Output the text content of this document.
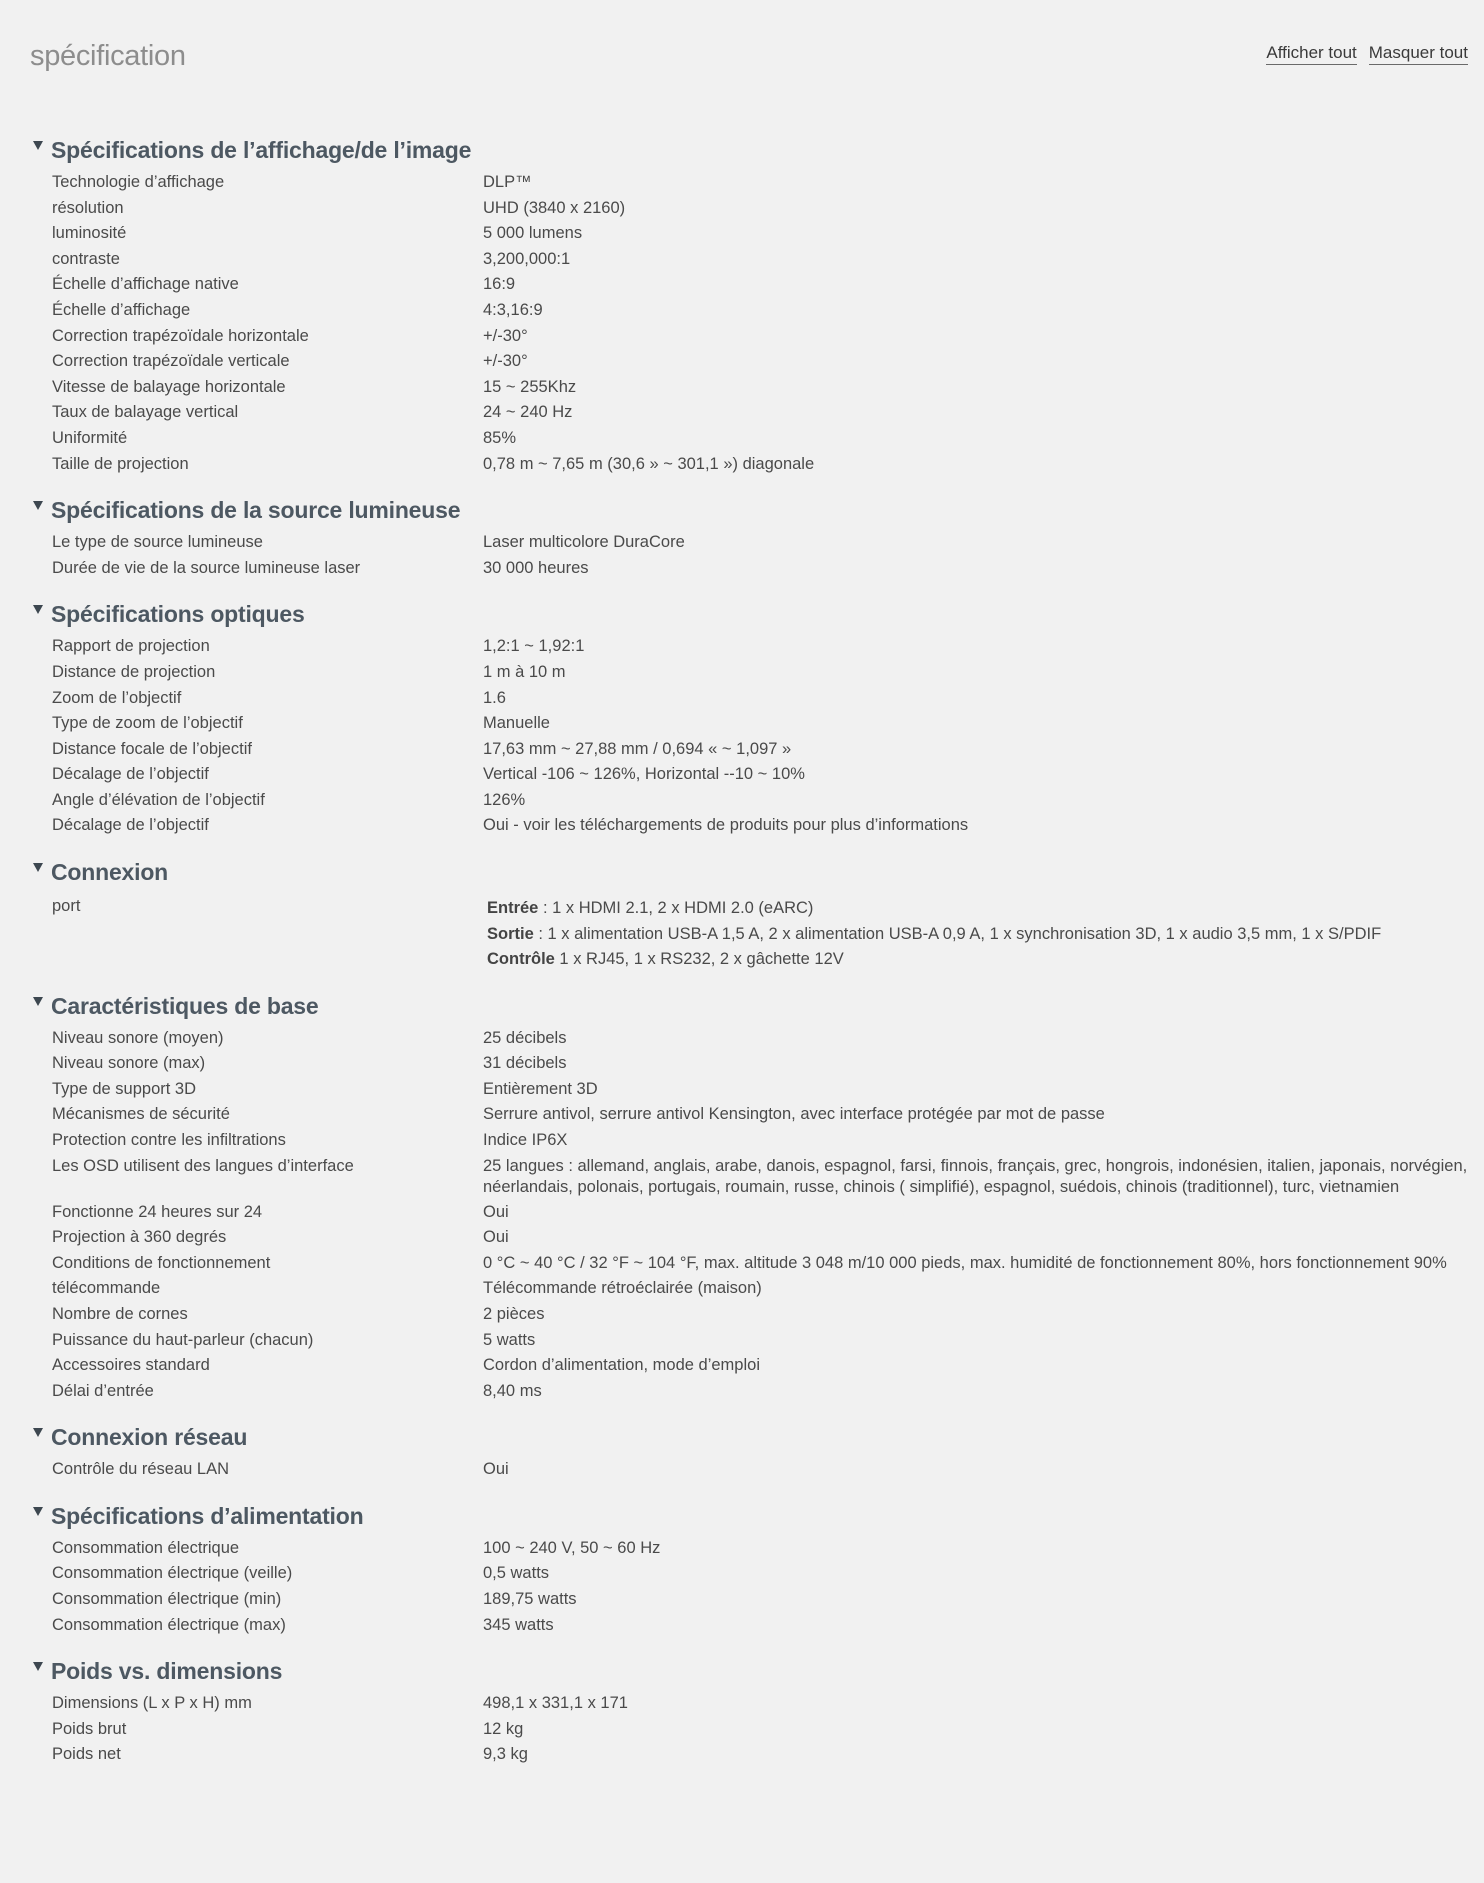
spécification	Afficher tout Masquer tout
Spécifications de l’affichage/de l’image
Technologie d’affichage	DLP™
résolution	UHD (3840 x 2160)
luminosité	5 000 lumens
contraste	3,200,000:1
Échelle d’affichage native	16:9
Échelle d’affichage	4:3,16:9
Correction trapézoïdale horizontale	+/-30°
Correction trapézoïdale verticale	+/-30°
Vitesse de balayage horizontale	15 ~ 255Khz
Taux de balayage vertical	24 ~ 240 Hz
Uniformité	85%
Taille de projection	0,78 m ~ 7,65 m (30,6 » ~ 301,1 ») diagonale
Spécifications de la source lumineuse
Le type de source lumineuse	Laser multicolore DuraCore
Durée de vie de la source lumineuse laser	30 000 heures
Spécifications optiques
Rapport de projection	1,2:1 ~ 1,92:1
Distance de projection	1 m à 10 m
Zoom de l’objectif	1.6
Type de zoom de l’objectif	Manuelle
Distance focale de l’objectif	17,63 mm ~ 27,88 mm / 0,694 « ~ 1,097 »
Décalage de l’objectif	Vertical -106 ~ 126%, Horizontal --10 ~ 10%
Angle d’élévation de l’objectif	126%
Décalage de l’objectif	Oui - voir les téléchargements de produits pour plus d’informations
Connexion
port	Entrée : 1 x HDMI 2.1, 2 x HDMI 2.0 (eARC)
Sortie : 1 x alimentation USB-A 1,5 A, 2 x alimentation USB-A 0,9 A, 1 x synchronisation 3D, 1 x audio 3,5 mm, 1 x S/PDIF
Contrôle 1 x RJ45, 1 x RS232, 2 x gâchette 12V
Caractéristiques de base
Niveau sonore (moyen)	25 décibels
Niveau sonore (max)	31 décibels
Type de support 3D	Entièrement 3D
Mécanismes de sécurité	Serrure antivol, serrure antivol Kensington, avec interface protégée par mot de passe
Protection contre les infiltrations	Indice IP6X
Les OSD utilisent des langues d’interface	25 langues : allemand, anglais, arabe, danois, espagnol, farsi, finnois, français, grec, hongrois, indonésien, italien, japonais, norvégien, néerlandais, polonais, portugais, roumain, russe, chinois ( simplifié), espagnol, suédois, chinois (traditionnel), turc, vietnamien
Fonctionne 24 heures sur 24	Oui
Projection à 360 degrés	Oui
Conditions de fonctionnement	0 °C ~ 40 °C / 32 °F ~ 104 °F, max. altitude 3 048 m/10 000 pieds, max. humidité de fonctionnement 80%, hors fonctionnement 90%
télécommande	Télécommande rétroéclairée (maison)
Nombre de cornes	2 pièces
Puissance du haut-parleur (chacun)	5 watts
Accessoires standard	Cordon d’alimentation, mode d’emploi
Délai d’entrée	8,40 ms
Connexion réseau
Contrôle du réseau LAN	Oui
Spécifications d’alimentation
Consommation électrique	100 ~ 240 V, 50 ~ 60 Hz
Consommation électrique (veille)	0,5 watts
Consommation électrique (min)	189,75 watts
Consommation électrique (max)	345 watts
Poids vs. dimensions
Dimensions (L x P x H) mm	498,1 x 331,1 x 171
Poids brut	12 kg
Poids net	9,3 kg
